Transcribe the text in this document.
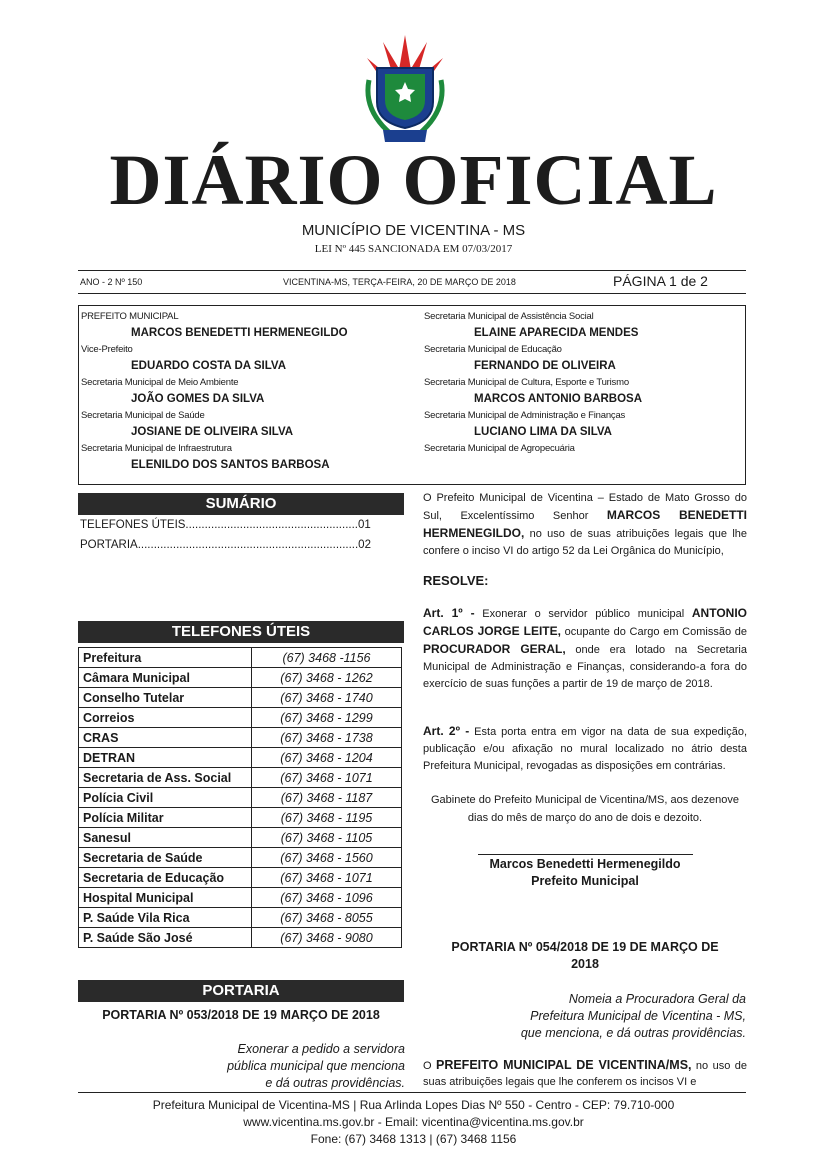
DIÁRIO OFICIAL
MUNICÍPIO DE VICENTINA - MS
LEI Nº 445 SANCIONADA EM 07/03/2017
ANO - 2 Nº 150	VICENTINA-MS, TERÇA-FEIRA, 20 DE MARÇO DE 2018	PÁGINA 1 de 2
PREFEITO MUNICIPAL
MARCOS BENEDETTI HERMENEGILDO
Vice-Prefeito
EDUARDO COSTA DA SILVA
Secretaria Municipal de Meio Ambiente
JOÃO GOMES DA SILVA
Secretaria Municipal de Saúde
JOSIANE DE OLIVEIRA SILVA
Secretaria Municipal de Infraestrutura
ELENILDO DOS SANTOS BARBOSA
Secretaria Municipal de Assistência Social
ELAINE APARECIDA MENDES
Secretaria Municipal de Educação
FERNANDO DE OLIVEIRA
Secretaria Municipal de Cultura, Esporte e Turismo
MARCOS ANTONIO BARBOSA
Secretaria Municipal de Administração e Finanças
LUCIANO LIMA DA SILVA
Secretaria Municipal de Agropecuária
SUMÁRIO
TELEFONES ÚTEIS......................................................01
PORTARIA.....................................................................02
TELEFONES ÚTEIS
Prefeitura	(67) 3468 -1156
Câmara Municipal	(67) 3468 - 1262
Conselho Tutelar	(67) 3468 - 1740
Correios	(67) 3468 - 1299
CRAS	(67) 3468 - 1738
DETRAN	(67) 3468 - 1204
Secretaria de Ass. Social	(67) 3468 - 1071
Polícia Civil	(67) 3468 - 1187
Polícia Militar	(67) 3468 - 1195
Sanesul	(67) 3468 - 1105
Secretaria de Saúde	(67) 3468 - 1560
Secretaria de Educação	(67) 3468 - 1071
Hospital Municipal	(67) 3468 - 1096
P. Saúde Vila Rica	(67) 3468 - 8055
P. Saúde São José	(67) 3468 - 9080
PORTARIA
PORTARIA Nº 053/2018 DE 19 MARÇO DE 2018
Exonerar a pedido a servidora
pública municipal que menciona
e dá outras providências.
O Prefeito Municipal de Vicentina – Estado de Mato Grosso do Sul, Excelentíssimo Senhor MARCOS BENEDETTI HERMENEGILDO, no uso de suas atribuições legais que lhe confere o inciso VI do artigo 52 da Lei Orgânica do Município,
RESOLVE:
Art. 1º - Exonerar o servidor público municipal ANTONIO CARLOS JORGE LEITE, ocupante do Cargo em Comissão de PROCURADOR GERAL, onde era lotado na Secretaria Municipal de Administração e Finanças, considerando-a fora do exercício de suas funções a partir de 19 de março de 2018.
Art. 2º - Esta porta entra em vigor na data de sua expedição, publicação e/ou afixação no mural localizado no átrio desta Prefeitura Municipal, revogadas as disposições em contrárias.
Gabinete do Prefeito Municipal de Vicentina/MS, aos dezenove
dias do mês de março do ano de dois e dezoito.
Marcos Benedetti Hermenegildo
Prefeito Municipal
PORTARIA Nº 054/2018 DE 19 DE MARÇO DE
2018
Nomeia a Procuradora Geral da
Prefeitura Municipal de Vicentina - MS,
que menciona, e dá outras providências.
O PREFEITO MUNICIPAL DE VICENTINA/MS, no uso de suas atribuições legais que lhe conferem os incisos VI e
Prefeitura Municipal de Vicentina-MS | Rua Arlinda Lopes Dias Nº 550 - Centro - CEP: 79.710-000
www.vicentina.ms.gov.br - Email: vicentina@vicentina.ms.gov.br
Fone: (67) 3468 1313 | (67) 3468 1156
